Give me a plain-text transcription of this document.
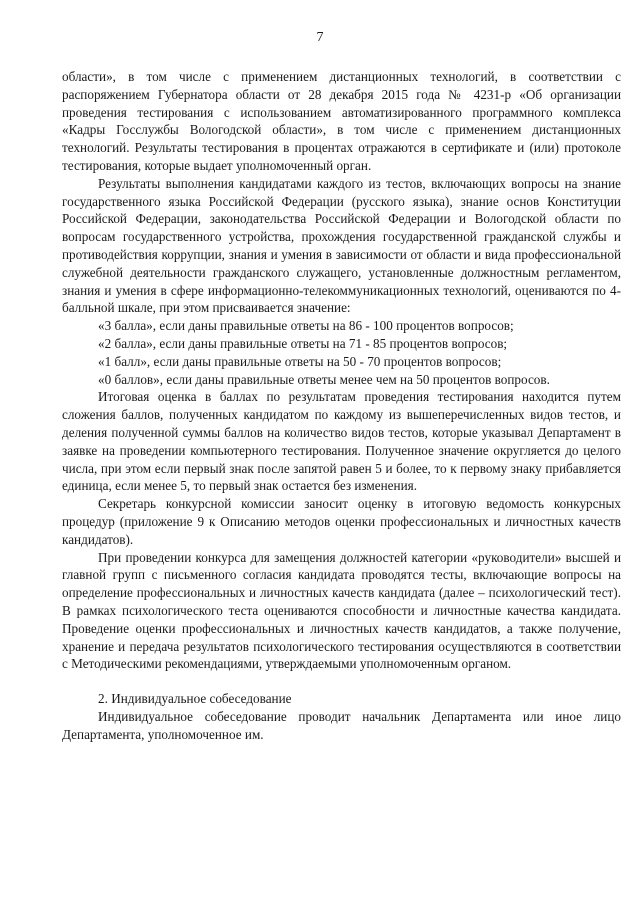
7

области», в том числе с применением дистанционных технологий, в соответствии с распоряжением Губернатора области от 28 декабря 2015 года № 4231-р «Об организации проведения тестирования с использованием автоматизированного программного комплекса «Кадры Госслужбы Вологодской области», в том числе с применением дистанционных технологий. Результаты тестирования в процентах отражаются в сертификате и (или) протоколе тестирования, которые выдает уполномоченный орган.

Результаты выполнения кандидатами каждого из тестов, включающих вопросы на знание государственного языка Российской Федерации (русского языка), знание основ Конституции Российской Федерации, законодательства Российской Федерации и Вологодской области по вопросам государственного устройства, прохождения государственной гражданской службы и противодействия коррупции, знания и умения в зависимости от области и вида профессиональной служебной деятельности гражданского служащего, установленные должностным регламентом, знания и умения в сфере информационно-телекоммуникационных технологий, оцениваются по 4-балльной шкале, при этом присваивается значение:

«3 балла», если даны правильные ответы на 86 - 100 процентов вопросов;

«2 балла», если даны правильные ответы на 71 - 85 процентов вопросов;

«1 балл», если даны правильные ответы на 50 - 70 процентов вопросов;

«0 баллов», если даны правильные ответы менее чем на 50 процентов вопросов.

Итоговая оценка в баллах по результатам проведения тестирования находится путем сложения баллов, полученных кандидатом по каждому из вышеперечисленных видов тестов, и деления полученной суммы баллов на количество видов тестов, которые указывал Департамент в заявке на проведении компьютерного тестирования. Полученное значение округляется до целого числа, при этом если первый знак после запятой равен 5 и более, то к первому знаку прибавляется единица, если менее 5, то первый знак остается без изменения.

Секретарь конкурсной комиссии заносит оценку в итоговую ведомость конкурсных процедур (приложение 9 к Описанию методов оценки профессиональных и личностных качеств кандидатов).

При проведении конкурса для замещения должностей категории «руководители» высшей и главной групп с письменного согласия кандидата проводятся тесты, включающие вопросы на определение профессиональных и личностных качеств кандидата (далее – психологический тест). В рамках психологического теста оцениваются способности и личностные качества кандидата. Проведение оценки профессиональных и личностных качеств кандидатов, а также получение, хранение и передача результатов психологического тестирования осуществляются в соответствии с Методическими рекомендациями, утверждаемыми уполномоченным органом.

2. Индивидуальное собеседование

Индивидуальное собеседование проводит начальник Департамента или иное лицо Департамента, уполномоченное им.
